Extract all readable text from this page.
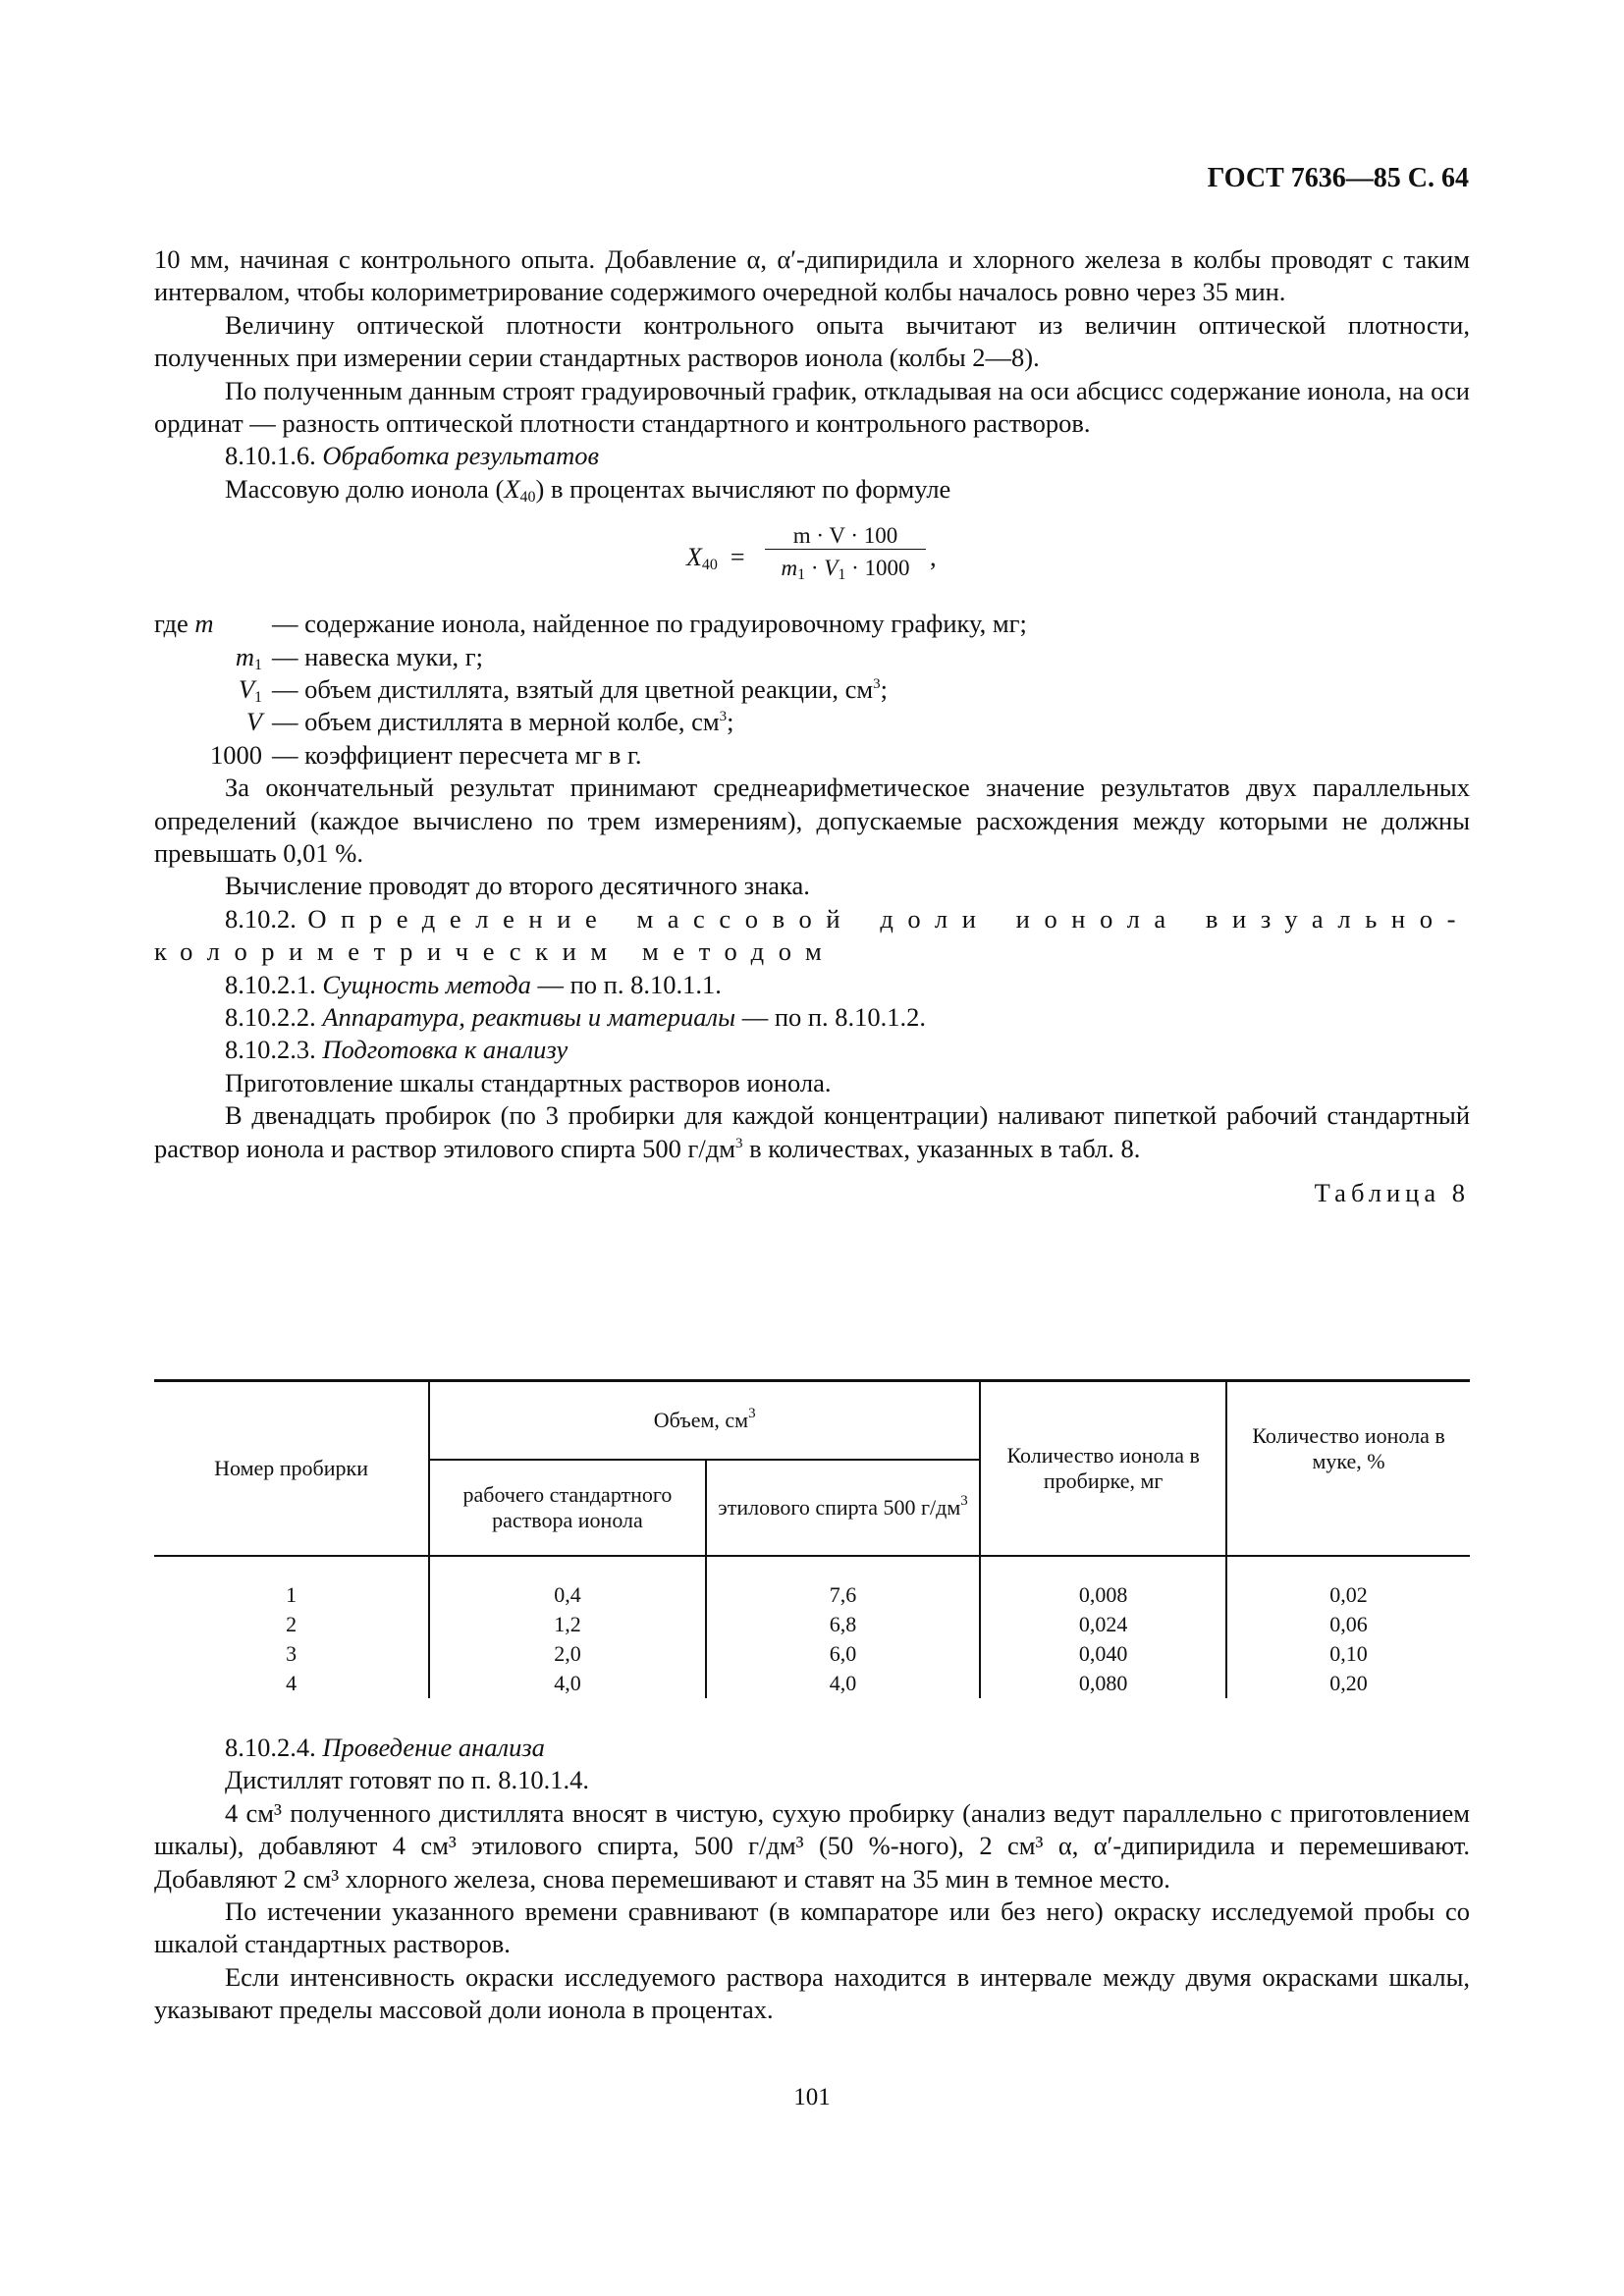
ГОСТ 7636—85 С. 64

10 мм, начиная с контрольного опыта. Добавление α, α′-дипиридила и хлорного железа в колбы проводят с таким интервалом, чтобы колориметрирование содержимого очередной колбы началось ровно через 35 мин.

Величину оптической плотности контрольного опыта вычитают из величин оптической плотности, полученных при измерении серии стандартных растворов ионола (колбы 2—8).

По полученным данным строят градуировочный график, откладывая на оси абсцисс содержание ионола, на оси ординат — разность оптической плотности стандартного и контрольного растворов.

8.10.1.6. Обработка результатов

Массовую долю ионола $(X_{40})$ в процентах вычисляют по формуле

$X_{40}$ =
m · V · 100
$m_1 \cdot V_1 \cdot 1000$ ,
где m	— содержание ионола, найденное по градуировочному графику, мг;
$m_1$ — навеска муки, г;
$V_1$ — объем дистиллята, взятый для цветной реакции, $см^3$;
V — объем дистиллята в мерной колбе, $см^3$;
1000 — коэффициент пересчета мг в г.

За окончательный результат принимают среднеарифметическое значение результатов двух параллельных определений (каждое вычислено по трем измерениям), допускаемые расхождения между которыми не должны превышать 0,01 %.

Вычисление проводят до второго десятичного знака.

8.10.2. Определение массовой доли ионола визуально-колориметрическим методом

8.10.2.1. Сущность метода — по п. 8.10.1.1.

8.10.2.2. Аппаратура, реактивы и материалы — по п. 8.10.1.2.

8.10.2.3. Подготовка к анализу

Приготовление шкалы стандартных растворов ионола.

В двенадцать пробирок (по 3 пробирки для каждой концентрации) наливают пипеткой рабочий стандартный раствор ионола и раствор этилового спирта 500 $г/дм^3$ в количествах, указанных в табл. 8.

Таблица 8
Номер пробирки	Объем, $см^3$		Количество ионола в пробирке, мг	Количество ионола в муке, %
	рабочего стандартного раствора ионола	этилового спирта 500 $г/дм^3$

1	0,4	7,6	0,008	0,02
2	1,2	6,8	0,024	0,06
3	2,0	6,0	0,040	0,10
4	4,0	4,0	0,080	0,20

8.10.2.4. Проведение анализа

Дистиллят готовят по п. 8.10.1.4.

4 см³ полученного дистиллята вносят в чистую, сухую пробирку (анализ ведут параллельно с приготовлением шкалы), добавляют 4 см³ этилового спирта, 500 г/дм³ (50 %-ного), 2 см³ α, α′-дипиридила и перемешивают. Добавляют 2 см³ хлорного железа, снова перемешивают и ставят на 35 мин в темное место.

По истечении указанного времени сравнивают (в компараторе или без него) окраску исследуемой пробы со шкалой стандартных растворов.

Если интенсивность окраски исследуемого раствора находится в интервале между двумя окрасками шкалы, указывают пределы массовой доли ионола в процентах.

101
